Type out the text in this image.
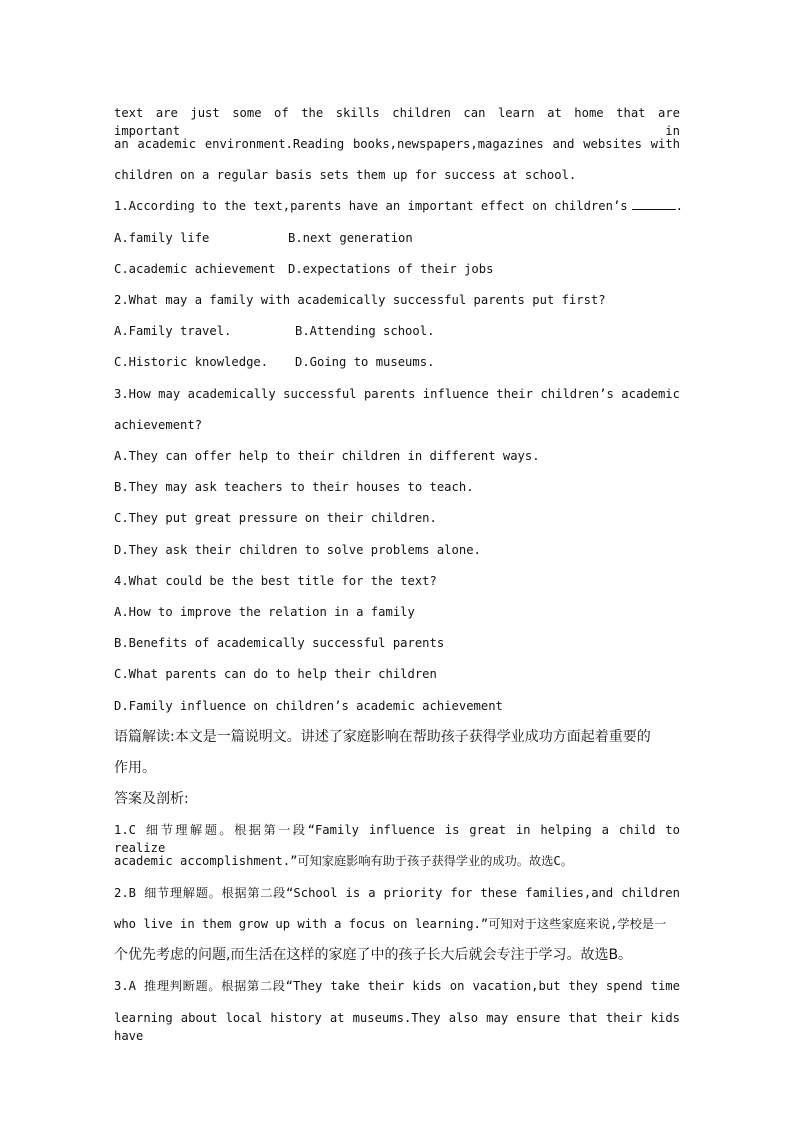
text are just some of the skills children can learn at home that are important in
an academic environment.Reading books,newspapers,magazines and websites with
children on a regular basis sets them up for success at school.
1.According to the text,parents have an important effect on children’s	.
A.family life	B.next generation
C.academic achievement D.expectations of their jobs
2.What may a family with academically successful parents put first?
A.Family travel.	B.Attending school.
C.Historic knowledge. D.Going to museums.
3.How may academically successful parents influence their children’s academic
achievement?
A.They can offer help to their children in different ways.
B.They may ask teachers to their houses to teach.
C.They put great pressure on their children.
D.They ask their children to solve problems alone.
4.What could be the best title for the text?
A.How to improve the relation in a family
B.Benefits of academically successful parents
C.What parents can do to help their children
D.Family influence on children’s academic achievement
语篇解读:本文是一篇说明文。讲述了家庭影响在帮助孩子获得学业成功方面起着重要的
作用。
答案及剖析:
1.C 细节理解题。根据第一段“Family influence is great in helping a child to realize
academic accomplishment.”可知家庭影响有助于孩子获得学业的成功。故选C。
2.B 细节理解题。根据第二段“School is a priority for these families,and children
who live in them grow up with a focus on learning.”可知对于这些家庭来说,学校是一
个优先考虑的问题,而生活在这样的家庭了中的孩子长大后就会专注于学习。故选B。
3.A 推理判断题。根据第二段“They take their kids on vacation,but they spend time
learning about local history at museums.They also may ensure that their kids have
